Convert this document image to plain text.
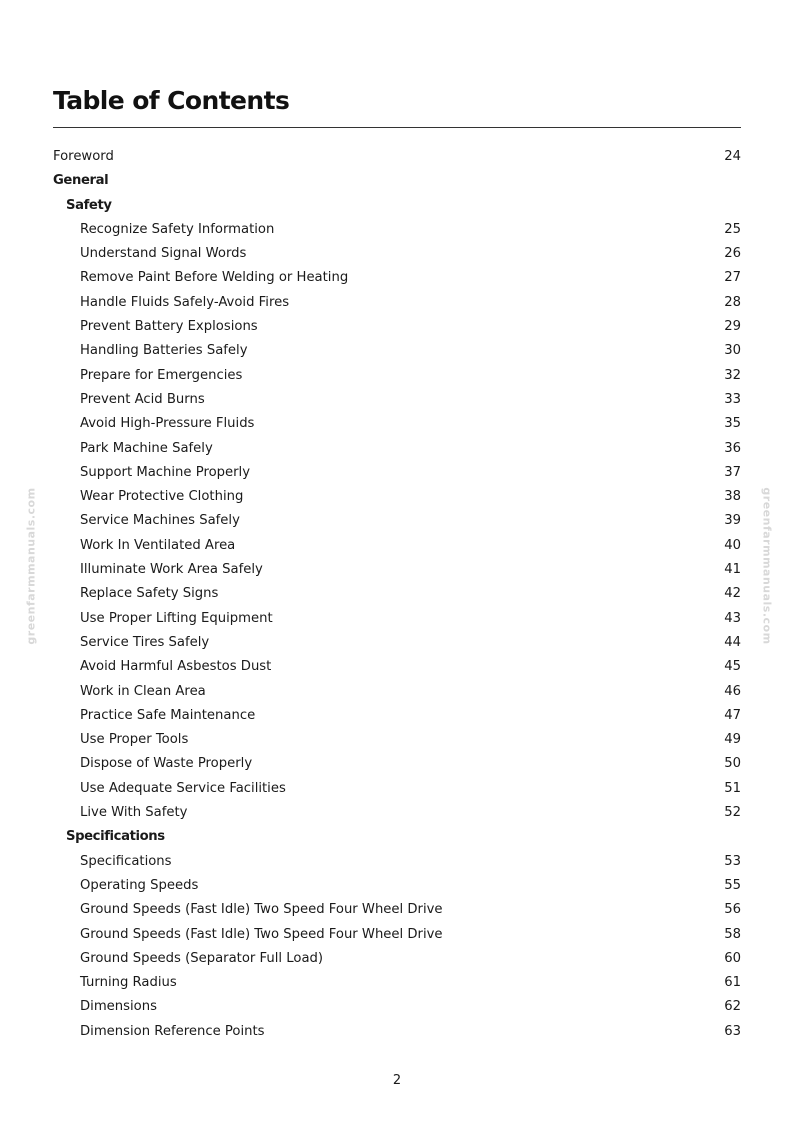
Table of Contents
Foreword	24
General
Safety
Recognize Safety Information	25
Understand Signal Words	26
Remove Paint Before Welding or Heating	27
Handle Fluids Safely-Avoid Fires	28
Prevent Battery Explosions	29
Handling Batteries Safely	30
Prepare for Emergencies	32
Prevent Acid Burns	33
Avoid High-Pressure Fluids	35
Park Machine Safely	36
Support Machine Properly	37
Wear Protective Clothing	38
Service Machines Safely	39
Work In Ventilated Area	40
Illuminate Work Area Safely	41
Replace Safety Signs	42
Use Proper Lifting Equipment	43
Service Tires Safely	44
Avoid Harmful Asbestos Dust	45
Work in Clean Area	46
Practice Safe Maintenance	47
Use Proper Tools	49
Dispose of Waste Properly	50
Use Adequate Service Facilities	51
Live With Safety	52
Specifications
Specifications	53
Operating Speeds	55
Ground Speeds (Fast Idle) Two Speed Four Wheel Drive	56
Ground Speeds (Fast Idle) Two Speed Four Wheel Drive	58
Ground Speeds (Separator Full Load)	60
Turning Radius	61
Dimensions	62
Dimension Reference Points	63
greenfarmmanuals.com	greenfarmmanuals.com
2
